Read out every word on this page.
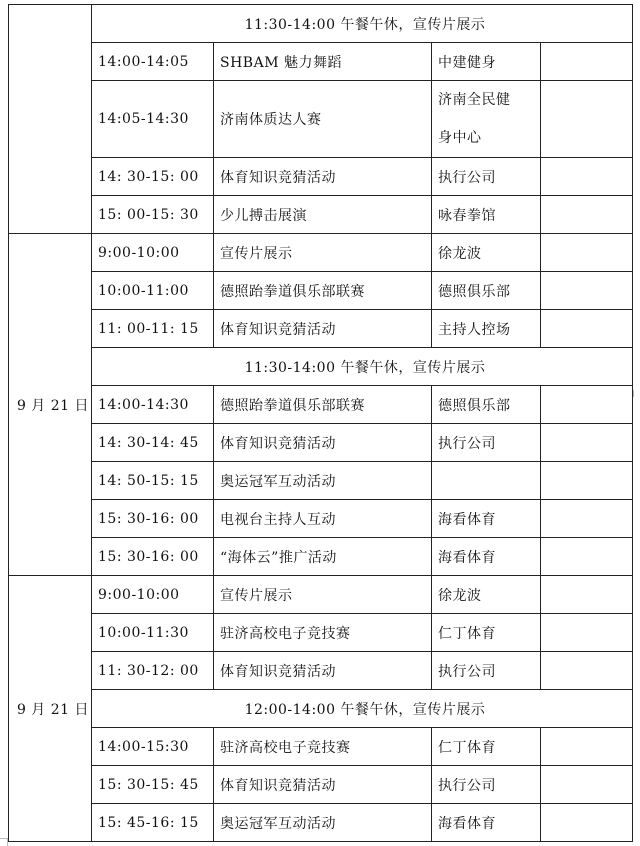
	11:30-14:00 午餐午休，宣传片展示			
	14:00-14:05	SHBAM 魅力舞蹈	中建健身	
	14:05-14:30	济南体质达人赛	济南全民健
身中心	
	14: 30-15: 00	体育知识竞猜活动	执行公司	
	15: 00-15: 30	少儿搏击展演	咏春拳馆	
9 月 21 日	9:00-10:00	宣传片展示	徐龙波	
	10:00-11:00	德照跆拳道俱乐部联赛	德照俱乐部	
	11: 00-11: 15	体育知识竞猜活动	主持人控场	
	11:30-14:00 午餐午休，宣传片展示			
	14:00-14:30	德照跆拳道俱乐部联赛	德照俱乐部	
	14: 30-14: 45	体育知识竞猜活动	执行公司	
	14: 50-15: 15	奥运冠军互动活动		
	15: 30-16: 00	电视台主持人互动	海看体育	
	15: 30-16: 00	“海体云”推广活动	海看体育	
9 月 21 日	9:00-10:00	宣传片展示	徐龙波	
	10:00-11:30	驻济高校电子竞技赛	仁丁体育	
	11: 30-12: 00	体育知识竞猜活动	执行公司	
	12:00-14:00 午餐午休，宣传片展示			
	14:00-15:30	驻济高校电子竞技赛	仁丁体育	
	15: 30-15: 45	体育知识竞猜活动	执行公司	
	15: 45-16: 15	奥运冠军互动活动	海看体育	
